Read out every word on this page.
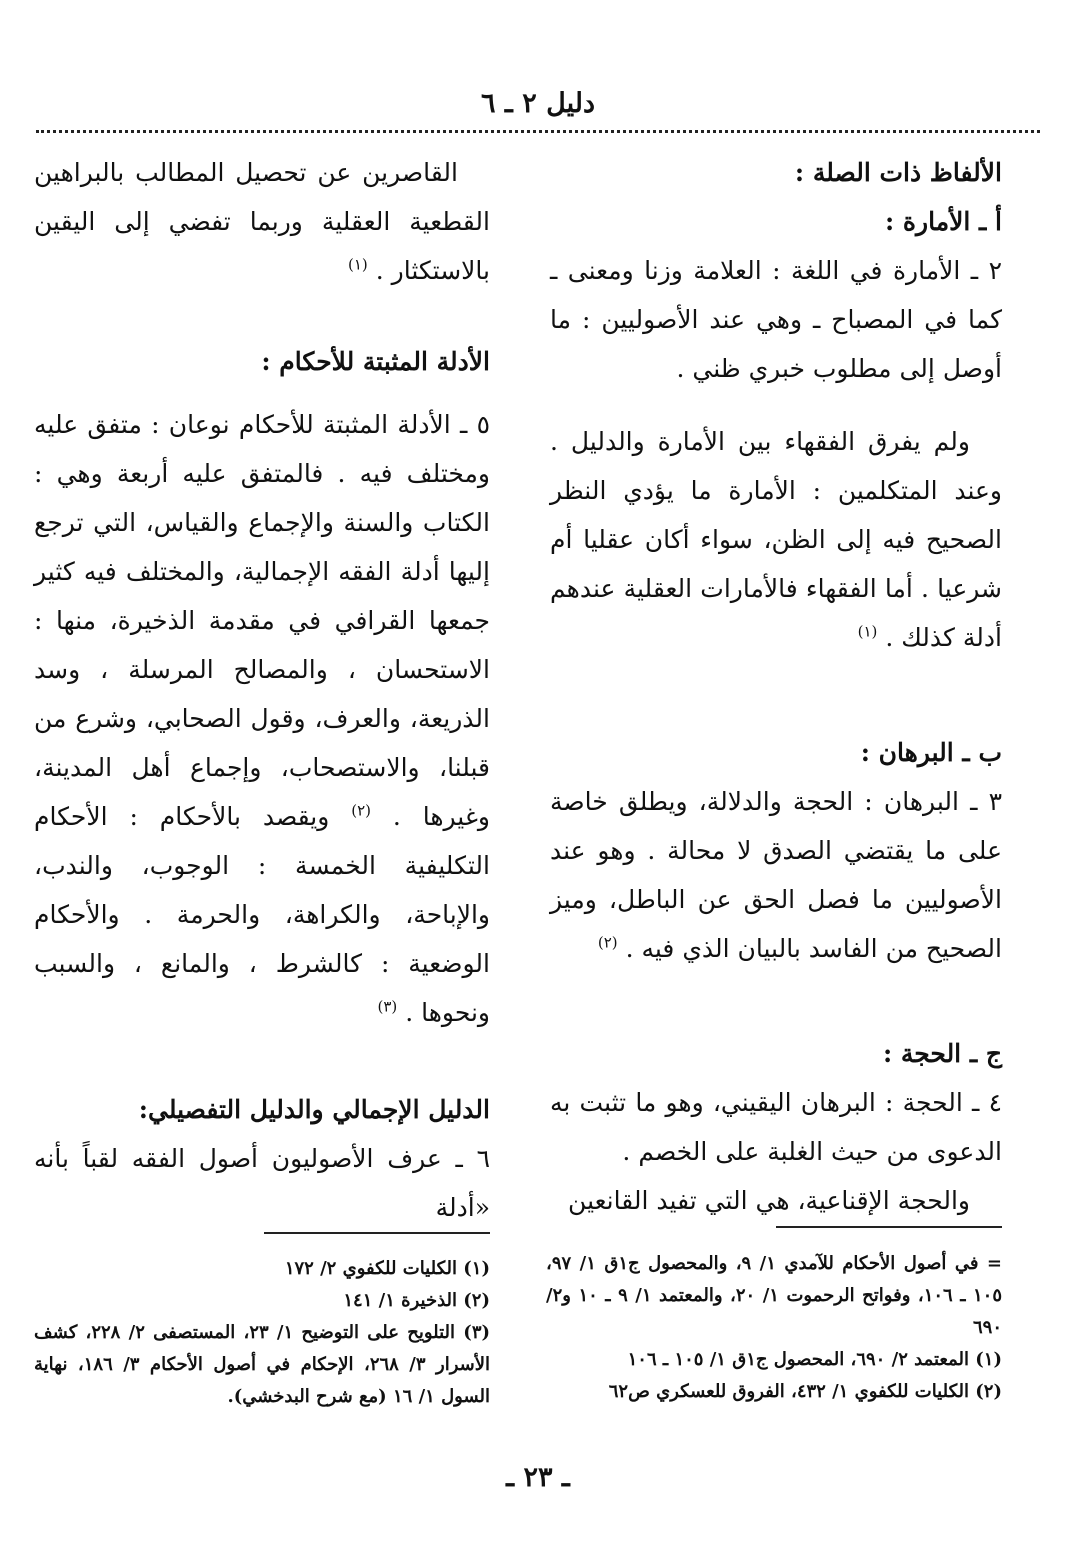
دليل ٢ ـ ٦

الألفاظ ذات الصلة :

أ ـ الأمارة :

٢ ـ الأمارة في اللغة : العلامة وزنا ومعنى ـ كما في المصباح ـ وهي عند الأصوليين : ما أوصل إلى مطلوب خبري ظني .

ولم يفرق الفقهاء بين الأمارة والدليل . وعند المتكلمين : الأمارة ما يؤدي النظر الصحيح فيه إلى الظن، سواء أكان عقليا أم شرعيا . أما الفقهاء فالأمارات العقلية عندهم أدلة كذلك . $^{(١)}$

ب ـ البرهان :

٣ ـ البرهان : الحجة والدلالة، ويطلق خاصة على ما يقتضي الصدق لا محالة . وهو عند الأصوليين ما فصل الحق عن الباطل، وميز الصحيح من الفاسد بالبيان الذي فيه . $^{(٢)}$

ج ـ الحجة :

٤ ـ الحجة : البرهان اليقيني، وهو ما تثبت به الدعوى من حيث الغلبة على الخصم .

والحجة الإقناعية، هي التي تفيد القانعين

القاصرين عن تحصيل المطالب بالبراهين القطعية العقلية وربما تفضي إلى اليقين بالاستكثار . $^{(١)}$

الأدلة المثبتة للأحكام :

٥ ـ الأدلة المثبتة للأحكام نوعان : متفق عليه ومختلف فيه . فالمتفق عليه أربعة وهي : الكتاب والسنة والإجماع والقياس، التي ترجع إليها أدلة الفقه الإجمالية، والمختلف فيه كثير جمعها القرافي في مقدمة الذخيرة، منها : الاستحسان ، والمصالح المرسلة ، وسد الذريعة، والعرف، وقول الصحابي، وشرع من قبلنا، والاستصحاب، وإجماع أهل المدينة، وغيرها . $^{(٢)}$ ويقصد بالأحكام : الأحكام التكليفية الخمسة : الوجوب، والندب، والإباحة، والكراهة، والحرمة . والأحكام الوضعية : كالشرط ، والمانع ، والسبب ونحوها . $^{(٣)}$

الدليل الإجمالي والدليل التفصيلي:

٦ ـ عرف الأصوليون أصول الفقه لقباً بأنه «أدلة

= في أصول الأحكام للآمدي ١/ ٩، والمحصول ج١ق ١/ ٩٧، ١٠٥ ـ ١٠٦، وفواتح الرحموت ١/ ٢٠، والمعتمد ١/ ٩ ـ ١٠ و٢/ ٦٩٠

(١) المعتمد ٢/ ٦٩٠، المحصول ج١ق ١/ ١٠٥ ـ ١٠٦

(٢) الكليات للكفوي ١/ ٤٣٢، الفروق للعسكري ص٦٢

(١) الكليات للكفوي ٢/ ١٧٢

(٢) الذخيرة ١/ ١٤١

(٣) التلويح على التوضيح ١/ ٢٣، المستصفى ٢/ ٢٢٨، كشف الأسرار ٣/ ٢٦٨، الإحكام في أصول الأحكام ٣/ ١٨٦، نهاية السول ١/ ١٦ (مع شرح البدخشي).

ـ ٢٣ ـ
